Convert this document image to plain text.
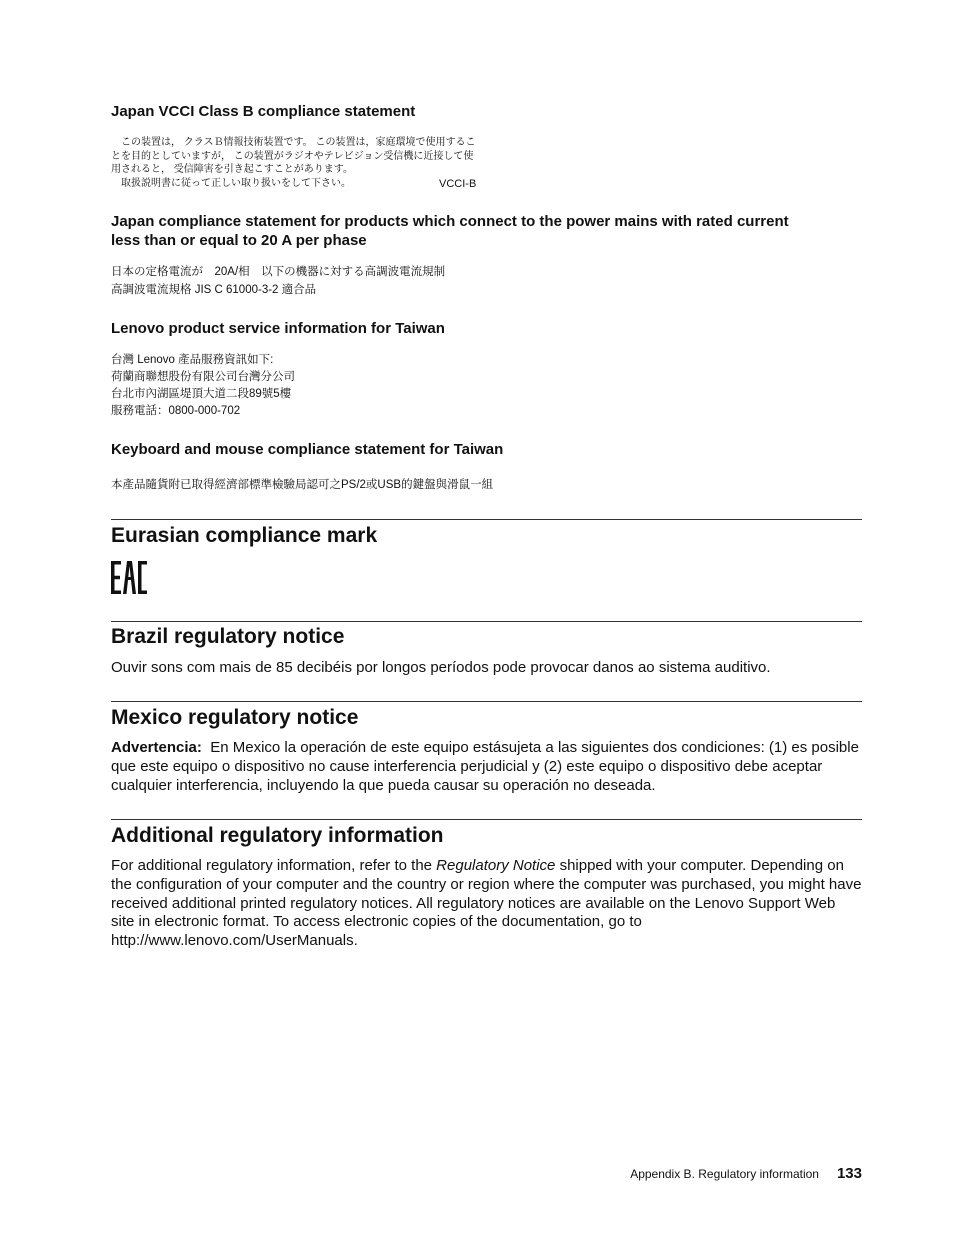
Japan VCCI Class B compliance statement
この装置は， クラスＢ情報技術装置です。 この装置は，家庭環境で使用するこ
とを目的としていますが， この装置がラジオやテレビジョン受信機に近接して使
用されると， 受信障害を引き起こすことがあります。
取扱説明書に従って正しい取り扱いをして下さい。	VCCI-B
Japan compliance statement for products which connect to the power mains with rated current
less than or equal to 20 A per phase
日本の定格電流が　20A/相　以下の機器に対する高調波電流規制
高調波電流規格 JIS C 61000-3-2 適合品
Lenovo product service information for Taiwan
台灣 Lenovo 產品服務資訊如下:
荷蘭商聯想股份有限公司台灣分公司
台北市內湖區堤頂大道二段89號5樓
服務電話：0800-000-702
Keyboard and mouse compliance statement for Taiwan
本產品隨貨附已取得經濟部標準檢驗局認可之PS/2或USB的鍵盤與滑鼠一組
Eurasian compliance mark
Brazil regulatory notice
Ouvir sons com mais de 85 decibéis por longos períodos pode provocar danos ao sistema auditivo.
Mexico regulatory notice
Advertencia: En Mexico la operación de este equipo estásujeta a las siguientes dos condiciones: (1) es posible que este equipo o dispositivo no cause interferencia perjudicial y (2) este equipo o dispositivo debe aceptar cualquier interferencia, incluyendo la que pueda causar su operación no deseada.
Additional regulatory information
For additional regulatory information, refer to the Regulatory Notice shipped with your computer. Depending on the configuration of your computer and the country or region where the computer was purchased, you might have received additional printed regulatory notices. All regulatory notices are available on the Lenovo Support Web site in electronic format. To access electronic copies of the documentation, go to http://www.lenovo.com/UserManuals.
Appendix B. Regulatory information 133
